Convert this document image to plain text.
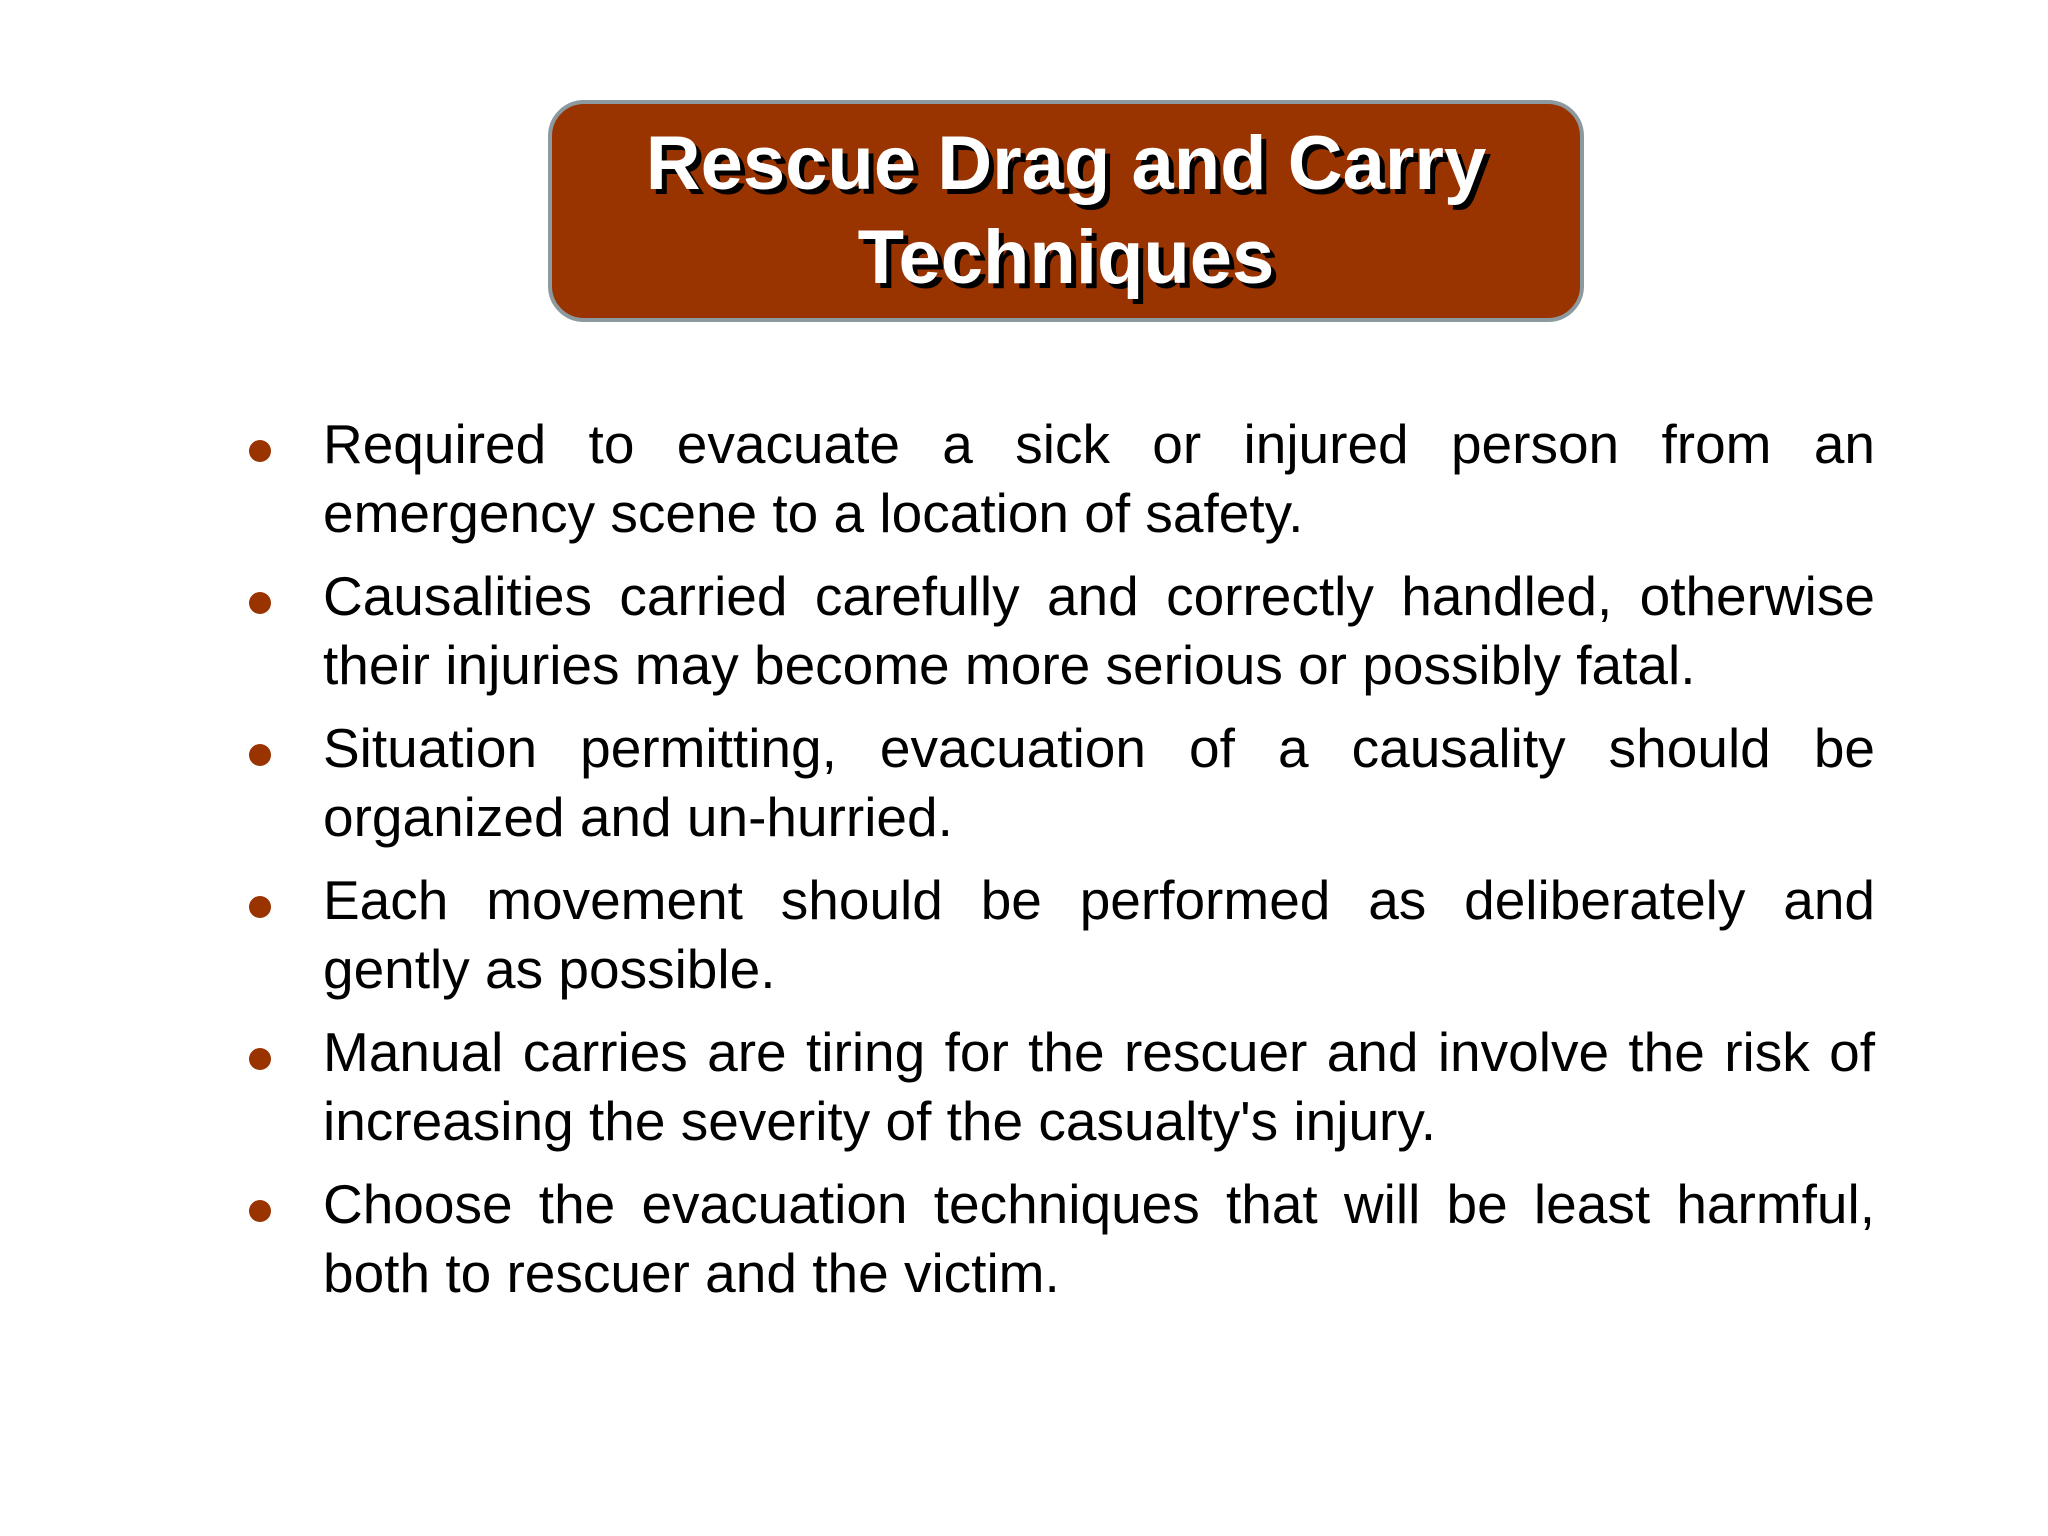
Rescue Drag and Carry Techniques
Required to evacuate a sick or injured person from an emergency scene to a location of safety.
Causalities carried carefully and correctly handled, otherwise their injuries may become more serious or possibly fatal.
Situation permitting, evacuation of a causality should be organized and un-hurried.
Each movement should be performed as deliberately and gently as possible.
Manual carries are tiring for the rescuer and involve the risk of increasing the severity of the casualty's injury.
Choose the evacuation techniques that will be least harmful, both to rescuer and the victim.
